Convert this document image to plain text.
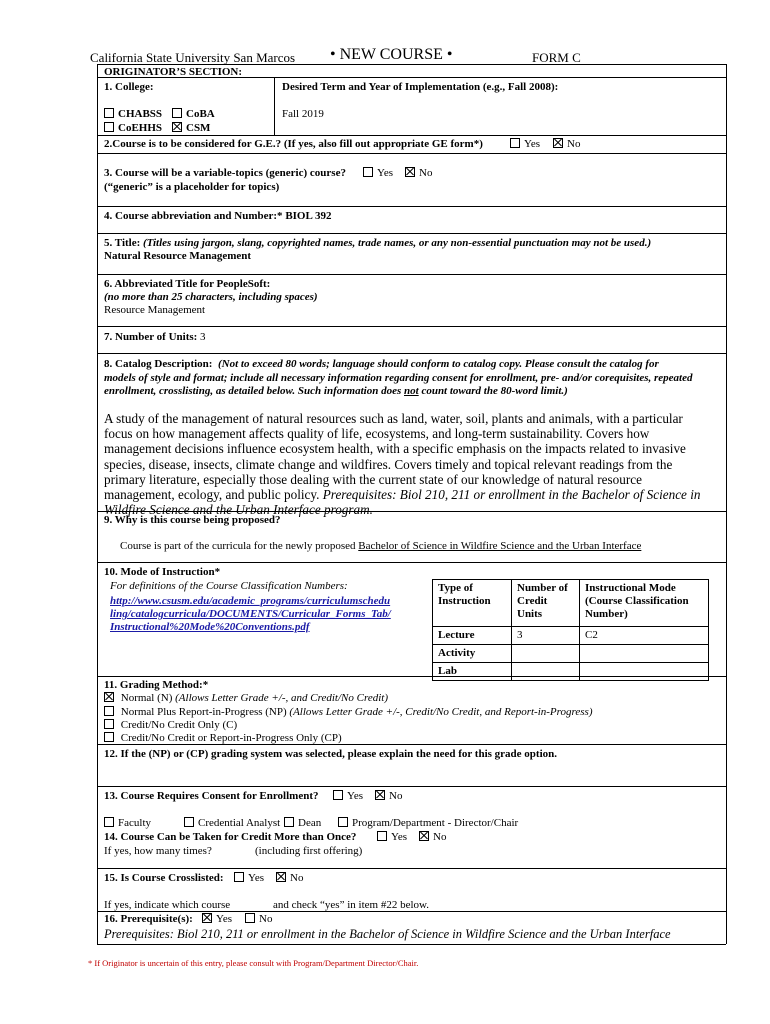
California State University San Marcos • NEW COURSE •	FORM C
ORIGINATOR’S SECTION:
1. College:	Desired Term and Year of Implementation (e.g., Fall 2008):
Fall 2019
CHABSS	CoBA
CoEHHS	CSM
2.Course is to be considered for G.E.? (If yes, also fill out appropriate GE form*)	Yes	No
3. Course will be a variable-topics (generic) course?	Yes	No
(“generic” is a placeholder for topics)
4. Course abbreviation and Number:* BIOL 392
5. Title: (Titles using jargon, slang, copyrighted names, trade names, or any non-essential punctuation may not be used.)
Natural Resource Management
6. Abbreviated Title for PeopleSoft:
(no more than 25 characters, including spaces)
Resource Management
7. Number of Units: 3
8. Catalog Description: (Not to exceed 80 words; language should conform to catalog copy. Please consult the catalog for
models of style and format; include all necessary information regarding consent for enrollment, pre- and/or corequisites, repeated
enrollment, crosslisting, as detailed below. Such information does not count toward the 80-word limit.)
A study of the management of natural resources such as land, water, soil, plants and animals, with a particular focus on how management affects quality of life, ecosystems, and long-term sustainability. Covers how management decisions influence ecosystem health, with a specific emphasis on the impacts related to invasive species, disease, insects, climate change and wildfires. Covers timely and topical relevant readings from the primary literature, especially those dealing with the current state of our knowledge of natural resource management, ecology, and public policy. Prerequisites: Biol 210, 211 or enrollment in the Bachelor of Science in Wildfire Science and the Urban Interface program.
9. Why is this course being proposed?
Course is part of the curricula for the newly proposed Bachelor of Science in Wildfire Science and the Urban Interface
10. Mode of Instruction*
For definitions of the Course Classification Numbers:
http://www.csusm.edu/academic_programs/curriculumschedu
ling/catalogcurricula/DOCUMENTS/Curricular_Forms_Tab/
Instructional%20Mode%20Conventions.pdf
Type of Instruction	Number of Credit Units	Instructional Mode (Course Classification Number)
Lecture	3	C2
Activity		
Lab		
11. Grading Method:*
Normal (N) (Allows Letter Grade +/-, and Credit/No Credit)
Normal Plus Report-in-Progress (NP) (Allows Letter Grade +/-, Credit/No Credit, and Report-in-Progress)
Credit/No Credit Only (C)
Credit/No Credit or Report-in-Progress Only (CP)
12. If the (NP) or (CP) grading system was selected, please explain the need for this grade option.
13. Course Requires Consent for Enrollment?	Yes	No
Faculty	Credential Analyst	Dean	Program/Department - Director/Chair
14. Course Can be Taken for Credit More than Once?	Yes	No
If yes, how many times?	(including first offering)
15. Is Course Crosslisted:	Yes	No
If yes, indicate which course	and check “yes” in item #22 below.
16. Prerequisite(s):	Yes	No
Prerequisites: Biol 210, 211 or enrollment in the Bachelor of Science in Wildfire Science and the Urban Interface
* If Originator is uncertain of this entry, please consult with Program/Department Director/Chair.
